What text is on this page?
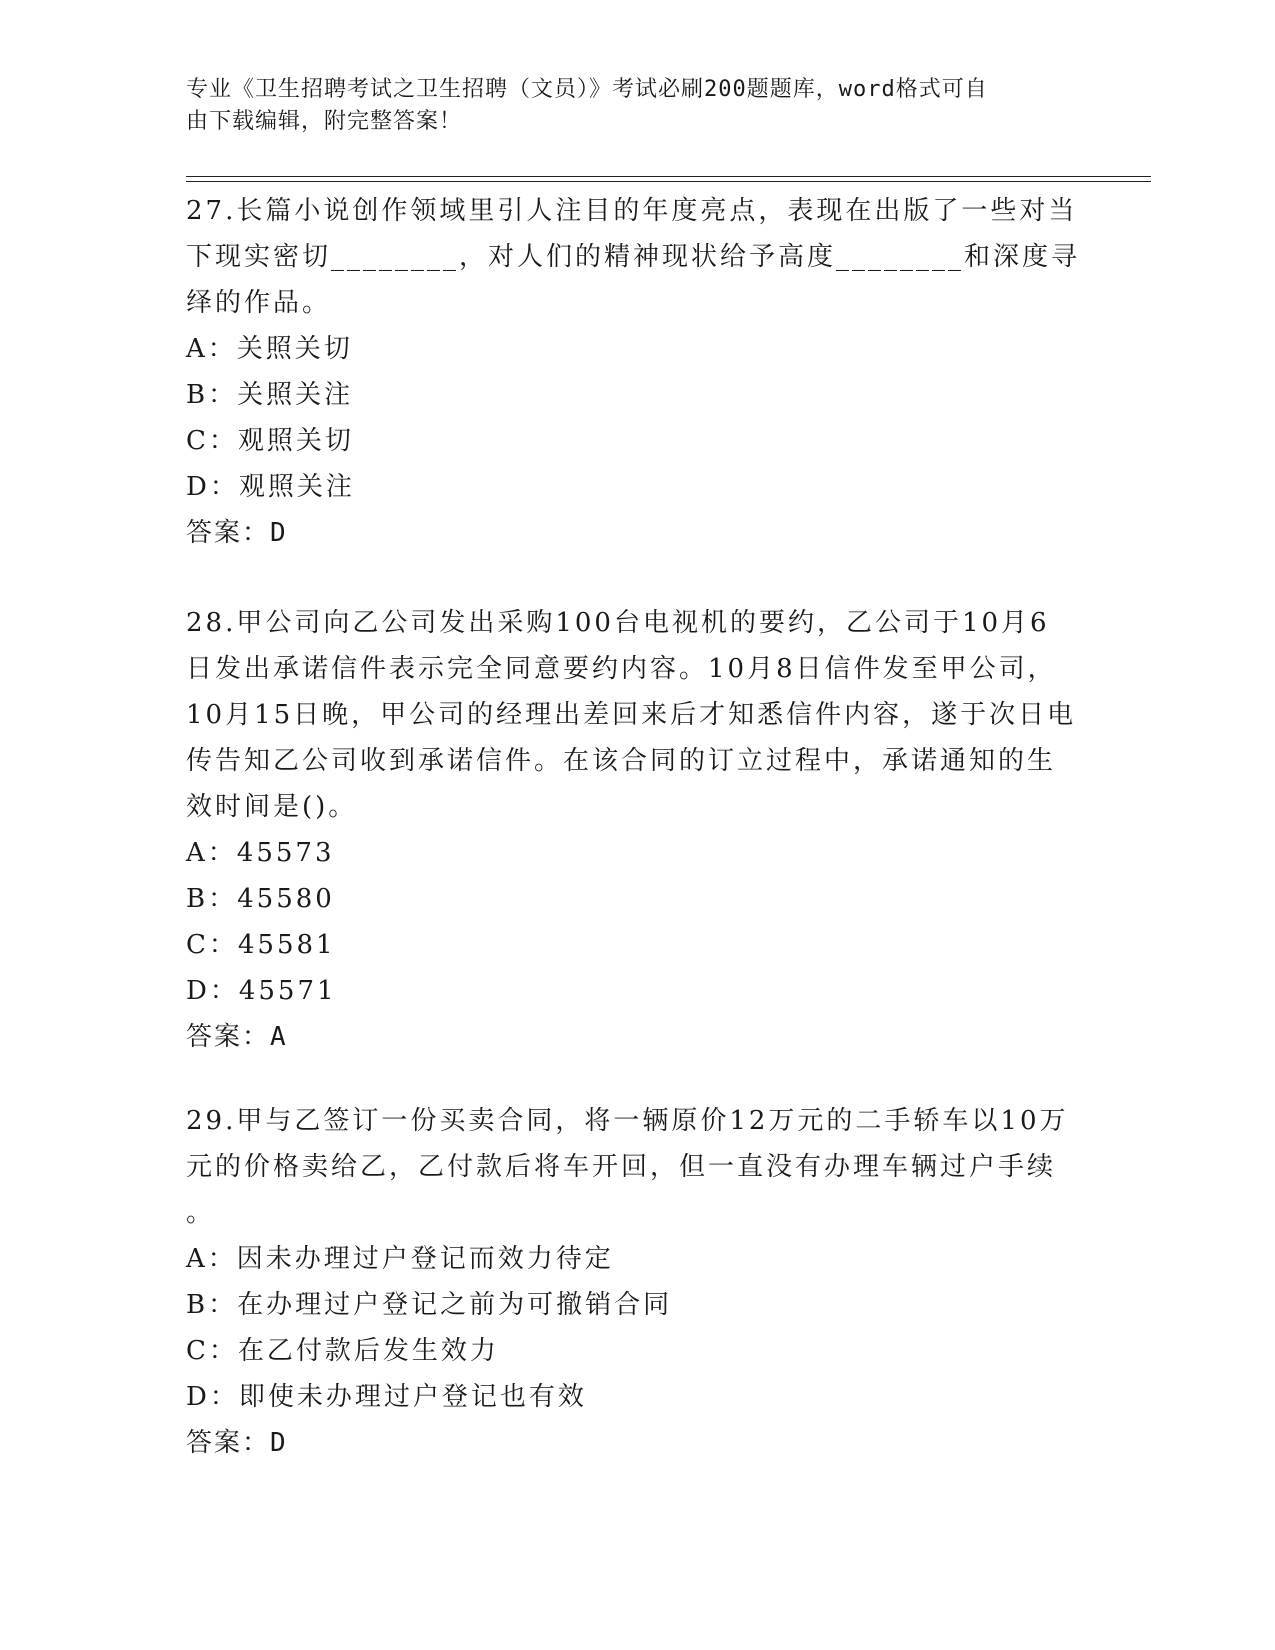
专业《卫生招聘考试之卫生招聘（文员）》考试必刷200题题库，word格式可自
由下载编辑，附完整答案！

27.长篇小说创作领域里引人注目的年度亮点，表现在出版了一些对当

下现实密切________，对人们的精神现状给予高度________和深度寻

绎的作品。

A：关照关切

B：关照关注

C：观照关切

D：观照关注

答案：D

28.甲公司向乙公司发出采购100台电视机的要约，乙公司于10月6

日发出承诺信件表示完全同意要约内容。10月8日信件发至甲公司，

10月15日晚，甲公司的经理出差回来后才知悉信件内容，遂于次日电

传告知乙公司收到承诺信件。在该合同的订立过程中，承诺通知的生

效时间是()。

A：45573

B：45580

C：45581

D：45571

答案：A

29.甲与乙签订一份买卖合同，将一辆原价12万元的二手轿车以10万

元的价格卖给乙，乙付款后将车开回，但一直没有办理车辆过户手续

。

A：因未办理过户登记而效力待定

B：在办理过户登记之前为可撤销合同

C：在乙付款后发生效力

D：即使未办理过户登记也有效

答案：D
